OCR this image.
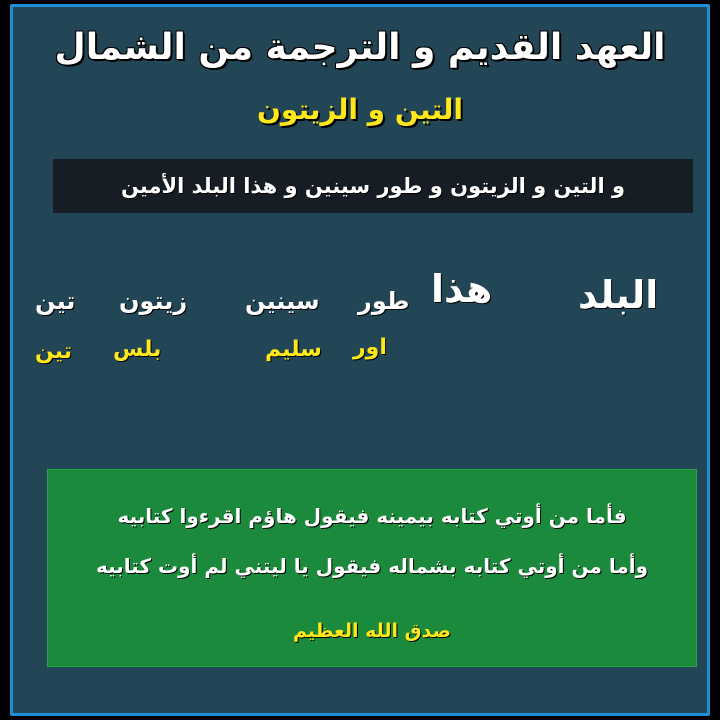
العهد القديم و الترجمة من الشمال
التين و الزيتون
و التين و الزيتون و طور سينين و هذا البلد الأمين
البلد
هذا
طور
سينين
زيتون
تين
اور
سليم
بلس
تين
فأما من أوتي كتابه بيمينه فيقول هاؤم اقرءوا كتابيه
وأما من أوتي كتابه بشماله فيقول يا ليتني لم أوت كتابيه
صدق الله العظيم
